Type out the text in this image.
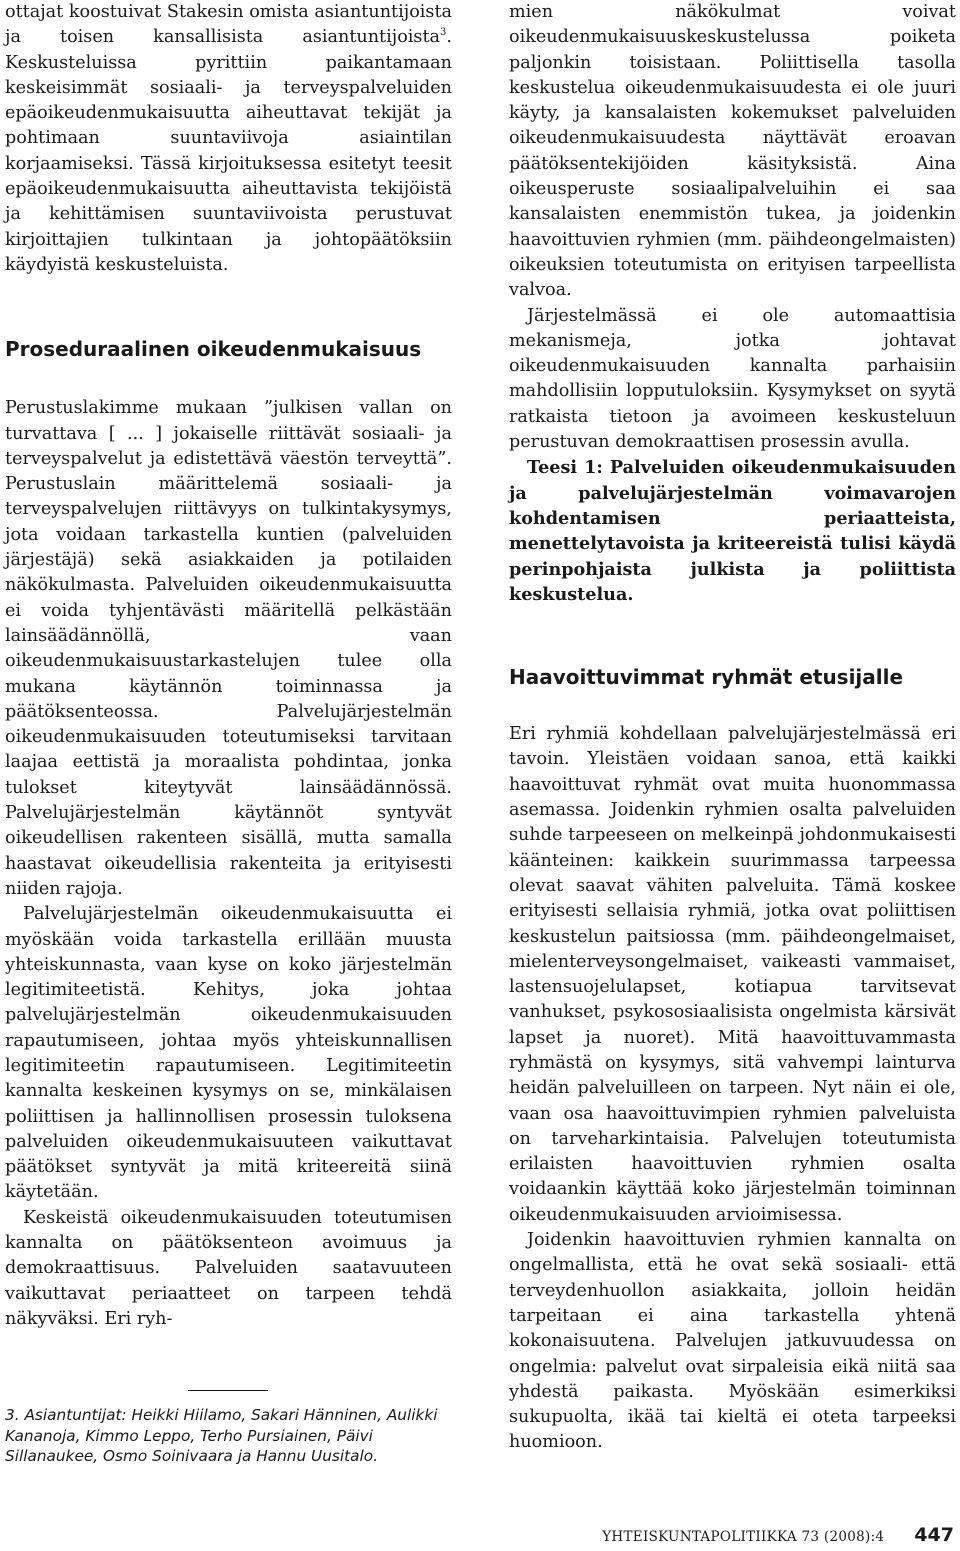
ottajat koostuivat Stakesin omista asiantuntijoista ja toisen kansallisista asiantuntijoista$^3$. Keskusteluissa pyrittiin paikantamaan keskeisimmät sosiaali- ja terveyspalveluiden epäoikeudenmukaisuutta aiheuttavat tekijät ja pohtimaan suuntaviivoja asiaintilan korjaamiseksi. Tässä kirjoituksessa esitetyt teesit epäoikeudenmukaisuutta aiheuttavista tekijöistä ja kehittämisen suuntaviivoista perustuvat kirjoittajien tulkintaan ja johtopäätöksiin käydyistä keskusteluista.

Proseduraalinen oikeudenmukaisuus

Perustuslakimme mukaan ”julkisen vallan on turvattava [ ... ] jokaiselle riittävät sosiaali- ja terveyspalvelut ja edistettävä väestön terveyttä”. Perustuslain määrittelemä sosiaali- ja terveyspalvelujen riittävyys on tulkintakysymys, jota voidaan tarkastella kuntien (palveluiden järjestäjä) sekä asiakkaiden ja potilaiden näkökulmasta. Palveluiden oikeudenmukaisuutta ei voida tyhjentävästi määritellä pelkästään lainsäädännöllä, vaan oikeudenmukaisuustarkastelujen tulee olla mukana käytännön toiminnassa ja päätöksenteossa. Palvelujärjestelmän oikeudenmukaisuuden toteutumiseksi tarvitaan laajaa eettistä ja moraalista pohdintaa, jonka tulokset kiteytyvät lainsäädännössä. Palvelujärjestelmän käytännöt syntyvät oikeudellisen rakenteen sisällä, mutta samalla haastavat oikeudellisia rakenteita ja erityisesti niiden rajoja.

Palvelujärjestelmän oikeudenmukaisuutta ei myöskään voida tarkastella erillään muusta yhteiskunnasta, vaan kyse on koko järjestelmän legitimiteetistä. Kehitys, joka johtaa palvelujärjestelmän oikeudenmukaisuuden rapautumiseen, johtaa myös yhteiskunnallisen legitimiteetin rapautumiseen. Legitimiteetin kannalta keskeinen kysymys on se, minkälaisen poliittisen ja hallinnollisen prosessin tuloksena palveluiden oikeudenmukaisuuteen vaikuttavat päätökset syntyvät ja mitä kriteereitä siinä käytetään.

Keskeistä oikeudenmukaisuuden toteutumisen kannalta on päätöksenteon avoimuus ja demokraattisuus. Palveluiden saatavuuteen vaikuttavat periaatteet on tarpeen tehdä näkyväksi. Eri ryh-

3. Asiantuntijat: Heikki Hiilamo, Sakari Hänninen, Aulikki Kananoja, Kimmo Leppo, Terho Pursiainen, Päivi Sillanaukee, Osmo Soinivaara ja Hannu Uusitalo.

mien näkökulmat voivat oikeudenmukaisuuskeskustelussa poiketa paljonkin toisistaan. Poliittisella tasolla keskustelua oikeudenmukaisuudesta ei ole juuri käyty, ja kansalaisten kokemukset palveluiden oikeudenmukaisuudesta näyttävät eroavan päätöksentekijöiden käsityksistä. Aina oikeusperuste sosiaalipalveluihin ei saa kansalaisten enemmistön tukea, ja joidenkin haavoittuvien ryhmien (mm. päihdeongelmaisten) oikeuksien toteutumista on erityisen tarpeellista valvoa.

Järjestelmässä ei ole automaattisia mekanismeja, jotka johtavat oikeudenmukaisuuden kannalta parhaisiin mahdollisiin lopputuloksiin. Kysymykset on syytä ratkaista tietoon ja avoimeen keskusteluun perustuvan demokraattisen prosessin avulla.

Teesi 1: Palveluiden oikeudenmukaisuuden ja palvelujärjestelmän voimavarojen kohdentamisen periaatteista, menettelytavoista ja kriteereistä tulisi käydä perinpohjaista julkista ja poliittista keskustelua.

Haavoittuvimmat ryhmät etusijalle

Eri ryhmiä kohdellaan palvelujärjestelmässä eri tavoin. Yleistäen voidaan sanoa, että kaikki haavoittuvat ryhmät ovat muita huonommassa asemassa. Joidenkin ryhmien osalta palveluiden suhde tarpeeseen on melkeinpä johdonmukaisesti käänteinen: kaikkein suurimmassa tarpeessa olevat saavat vähiten palveluita. Tämä koskee erityisesti sellaisia ryhmiä, jotka ovat poliittisen keskustelun paitsiossa (mm. päihdeongelmaiset, mielenterveysongelmaiset, vaikeasti vammaiset, lastensuojelulapset, kotiapua tarvitsevat vanhukset, psykososiaalisista ongelmista kärsivät lapset ja nuoret). Mitä haavoittuvammasta ryhmästä on kysymys, sitä vahvempi lainturva heidän palveluilleen on tarpeen. Nyt näin ei ole, vaan osa haavoittuvimpien ryhmien palveluista on tarveharkintaisia. Palvelujen toteutumista erilaisten haavoittuvien ryhmien osalta voidaankin käyttää koko järjestelmän toiminnan oikeudenmukaisuuden arvioimisessa.

Joidenkin haavoittuvien ryhmien kannalta on ongelmallista, että he ovat sekä sosiaali- että terveydenhuollon asiakkaita, jolloin heidän tarpeitaan ei aina tarkastella yhtenä kokonaisuutena. Palvelujen jatkuvuudessa on ongelmia: palvelut ovat sirpaleisia eikä niitä saa yhdestä paikasta. Myöskään esimerkiksi sukupuolta, ikää tai kieltä ei oteta tarpeeksi huomioon.

YHTEISKUNTAPOLITIIKKA 73 (2008):4 447
